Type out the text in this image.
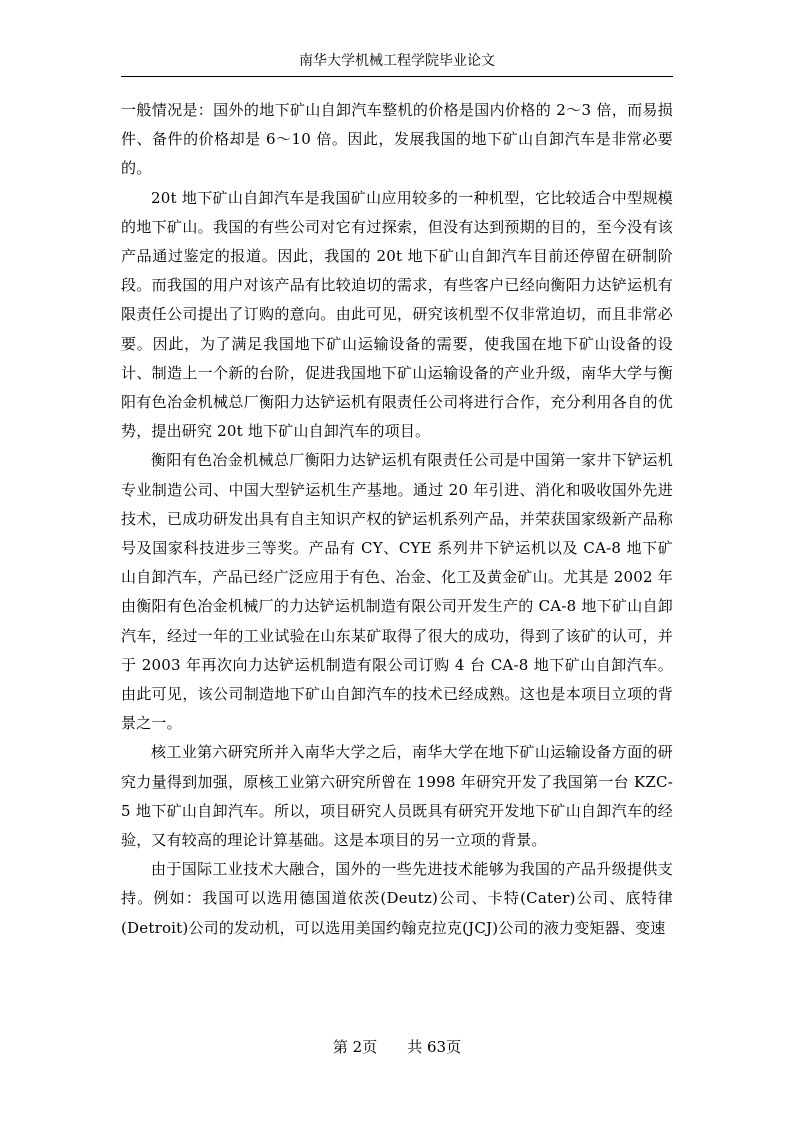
南华大学机械工程学院毕业论文

一般情况是：国外的地下矿山自卸汽车整机的价格是国内价格的 2～3 倍，而易损件、备件的价格却是 6～10 倍。因此，发展我国的地下矿山自卸汽车是非常必要的。

20t 地下矿山自卸汽车是我国矿山应用较多的一种机型，它比较适合中型规模的地下矿山。我国的有些公司对它有过探索，但没有达到预期的目的，至今没有该产品通过鉴定的报道。因此，我国的 20t 地下矿山自卸汽车目前还停留在研制阶段。而我国的用户对该产品有比较迫切的需求，有些客户已经向衡阳力达铲运机有限责任公司提出了订购的意向。由此可见，研究该机型不仅非常迫切，而且非常必要。因此，为了满足我国地下矿山运输设备的需要，使我国在地下矿山设备的设计、制造上一个新的台阶，促进我国地下矿山运输设备的产业升级，南华大学与衡阳有色冶金机械总厂衡阳力达铲运机有限责任公司将进行合作，充分利用各自的优势，提出研究 20t 地下矿山自卸汽车的项目。

衡阳有色冶金机械总厂衡阳力达铲运机有限责任公司是中国第一家井下铲运机专业制造公司、中国大型铲运机生产基地。通过 20 年引进、消化和吸收国外先进技术，已成功研发出具有自主知识产权的铲运机系列产品，并荣获国家级新产品称号及国家科技进步三等奖。产品有 CY、CYE 系列井下铲运机以及 CA-8 地下矿山自卸汽车，产品已经广泛应用于有色、冶金、化工及黄金矿山。尤其是 2002 年由衡阳有色冶金机械厂的力达铲运机制造有限公司开发生产的 CA-8 地下矿山自卸汽车，经过一年的工业试验在山东某矿取得了很大的成功，得到了该矿的认可，并于 2003 年再次向力达铲运机制造有限公司订购 4 台 CA-8 地下矿山自卸汽车。由此可见，该公司制造地下矿山自卸汽车的技术已经成熟。这也是本项目立项的背景之一。

核工业第六研究所并入南华大学之后，南华大学在地下矿山运输设备方面的研究力量得到加强，原核工业第六研究所曾在 1998 年研究开发了我国第一台 KZC-5 地下矿山自卸汽车。所以，项目研究人员既具有研究开发地下矿山自卸汽车的经验，又有较高的理论计算基础。这是本项目的另一立项的背景。

由于国际工业技术大融合，国外的一些先进技术能够为我国的产品升级提供支持。例如：我国可以选用德国道依茨(Deutz)公司、卡特(Cater)公司、底特律(Detroit)公司的发动机，可以选用美国约翰克拉克(JCJ)公司的液力变矩器、变速

第 2页 共 63页
